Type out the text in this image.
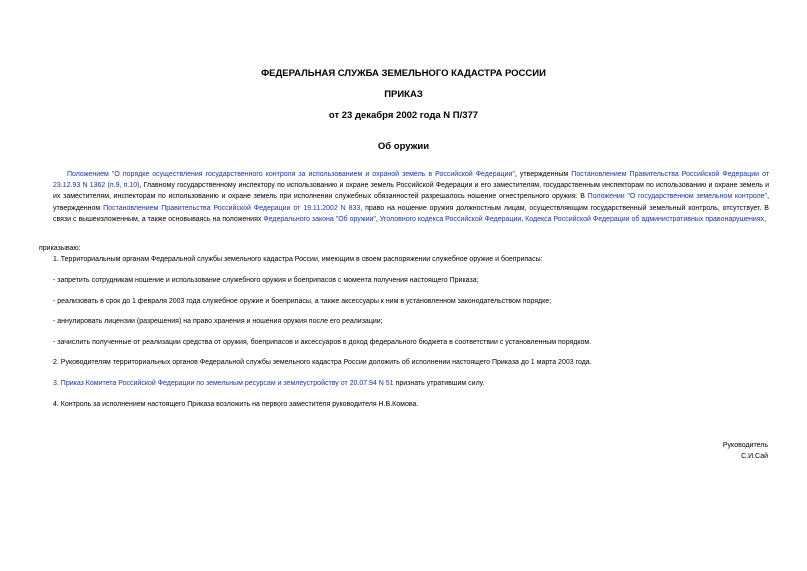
ФЕДЕРАЛЬНАЯ СЛУЖБА ЗЕМЕЛЬНОГО КАДАСТРА РОССИИ
ПРИКАЗ
от 23 декабря 2002 года N П/377
Об оружии

Положением "О порядке осуществления государственного контроля за использованием и охраной земель в Российской Федерации", утвержденным Постановлением Правительства Российской Федерации от 23.12.93 N 1362 (п.9, п.10), Главному государственному инспектору по использованию и охране земель Российской Федерации и его заместителям, государственным инспекторам по использованию и охране земель и их заместителям, инспекторам по использованию и охране земель при исполнении служебных обязанностей разрешалось ношение огнестрельного оружия. В Положении "О государственном земельном контроле", утвержденном Постановлением Правительства Российской Федерации от 19.11.2002 N 833, право на ношение оружия должностным лицам, осуществляющим государственный земельный контроль, отсутствует. В связи с вышеизложенным, а также основываясь на положениях Федерального закона "Об оружии", Уголовного кодекса Российской Федерации, Кодекса Российской Федерации об административных правонарушениях,

приказываю:
1. Территориальным органам Федеральной службы земельного кадастра России, имеющим в своем распоряжении служебное оружие и боеприпасы:
- запретить сотрудникам ношение и использование служебного оружия и боеприпасов с момента получения настоящего Приказа;
- реализовать в срок до 1 февраля 2003 года служебное оружие и боеприпасы, а также аксессуары к ним в установленном законодательством порядке;
- аннулировать лицензии (разрешения) на право хранения и ношения оружия после его реализации;
- зачислить полученные от реализации средства от оружия, боеприпасов и аксессуаров в доход федерального бюджета в соответствии с установленным порядком.
2. Руководителям территориальных органов Федеральной службы земельного кадастра России доложить об исполнении настоящего Приказа до 1 марта 2003 года.
3. Приказ Комитета Российской Федерации по земельным ресурсам и землеустройству от 20.07.94 N 51 признать утратившим силу.
4. Контроль за исполнением настоящего Приказа возложить на первого заместителя руководителя Н.В.Комова.
Руководитель
С.И.Сай
